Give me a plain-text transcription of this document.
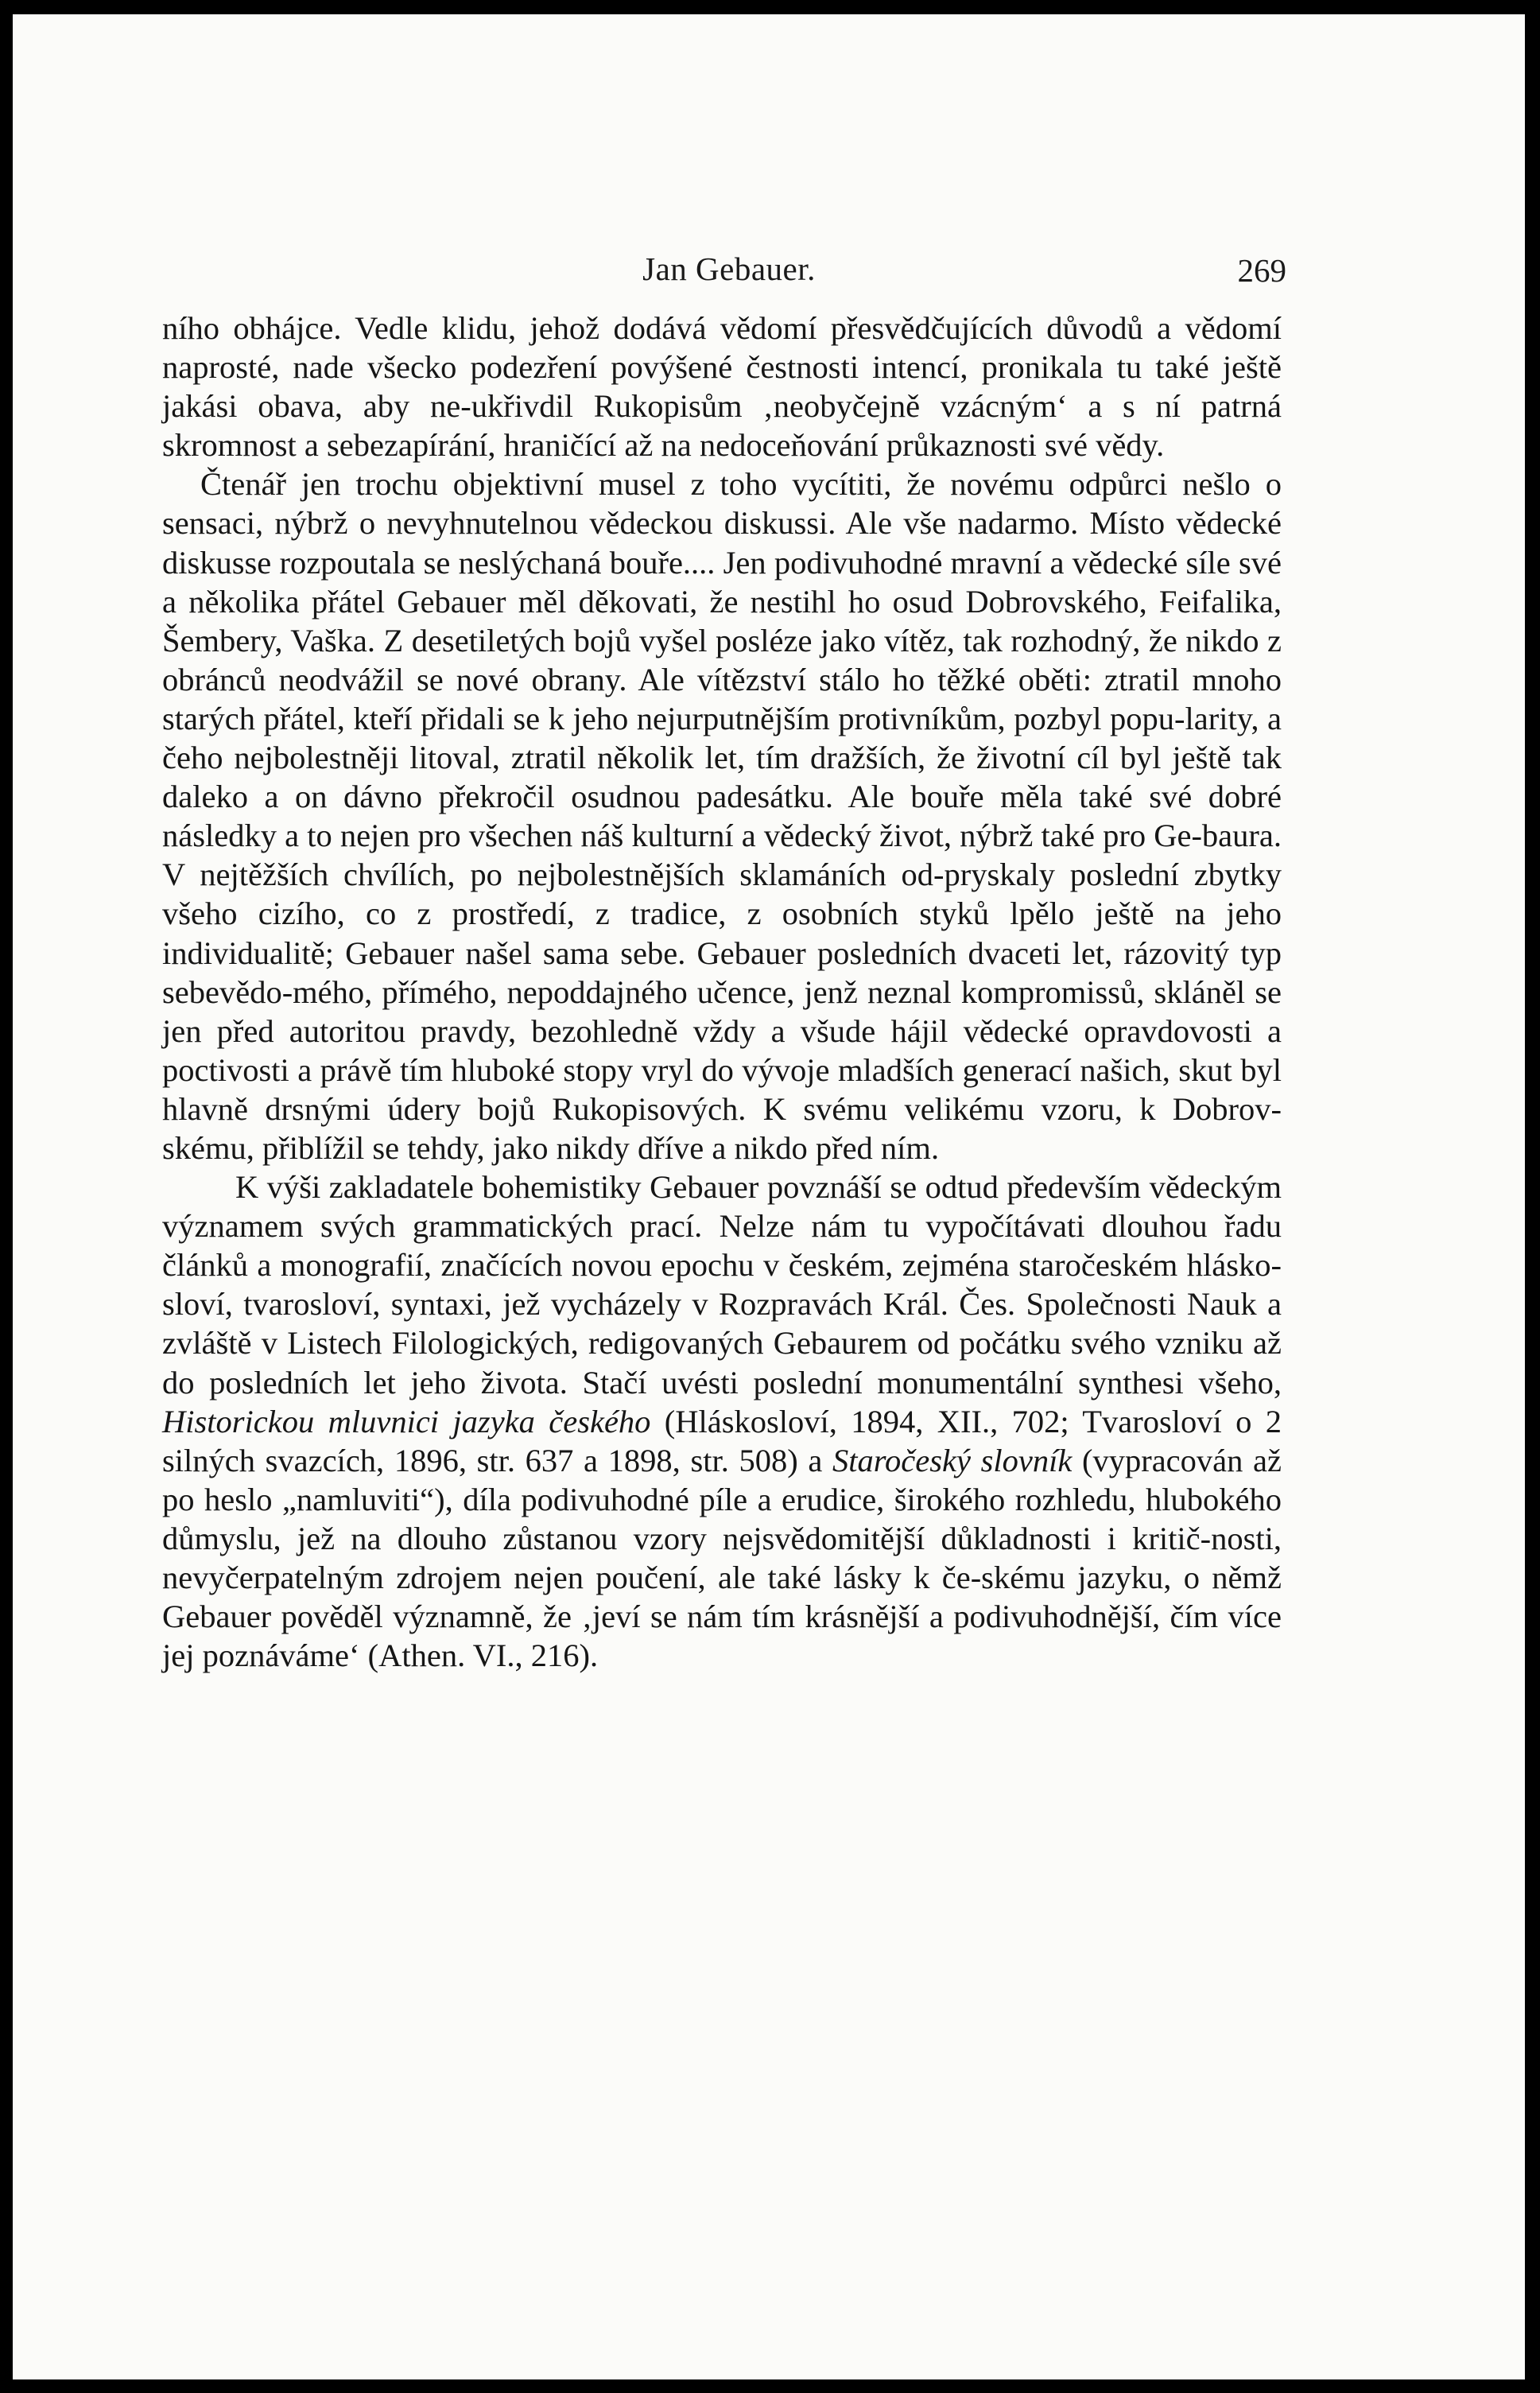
Jan Gebauer.	269

ního obhájce. Vedle klidu, jehož dodává vědomí přesvědčujících důvodů a vědomí naprosté, nade všecko podezření povýšené čestnosti intencí, pronikala tu také ještě jakási obava, aby ne-ukřivdil Rukopisům ‚neobyčejně vzácným‘ a s ní patrná skromnost a sebezapírání, hraničící až na nedoceňování průkaznosti své vědy.

Čtenář jen trochu objektivní musel z toho vycítiti, že novému odpůrci nešlo o sensaci, nýbrž o nevyhnutelnou vědeckou diskussi. Ale vše nadarmo. Místo vědecké diskusse rozpoutala se neslýchaná bouře.... Jen podivuhodné mravní a vědecké síle své a několika přátel Gebauer měl děkovati, že nestihl ho osud Dobrovského, Feifalika, Šembery, Vaška. Z desetiletých bojů vyšel posléze jako vítěz, tak rozhodný, že nikdo z obránců neodvážil se nové obrany. Ale vítězství stálo ho těžké oběti: ztratil mnoho starých přátel, kteří přidali se k jeho nejurputnějším protivníkům, pozbyl popu-larity, a čeho nejbolestněji litoval, ztratil několik let, tím dražších, že životní cíl byl ještě tak daleko a on dávno překročil osudnou padesátku. Ale bouře měla také své dobré následky a to nejen pro všechen náš kulturní a vědecký život, nýbrž také pro Ge-baura. V nejtěžších chvílích, po nejbolestnějších sklamáních od-pryskaly poslední zbytky všeho cizího, co z prostředí, z tradice, z osobních styků lpělo ještě na jeho individualitě; Gebauer našel sama sebe. Gebauer posledních dvaceti let, rázovitý typ sebevědo-mého, přímého, nepoddajného učence, jenž neznal kompromissů, skláněl se jen před autoritou pravdy, bezohledně vždy a všude hájil vědecké opravdovosti a poctivosti a právě tím hluboké stopy vryl do vývoje mladších generací našich, skut byl hlavně drsnými údery bojů Rukopisových. K svému velikému vzoru, k Dobrov-skému, přiblížil se tehdy, jako nikdy dříve a nikdo před ním.

K výši zakladatele bohemistiky Gebauer povznáší se odtud především vědeckým významem svých grammatických prací. Nelze nám tu vypočítávati dlouhou řadu článků a monografií, značících novou epochu v českém, zejména staročeském hlásko-sloví, tvarosloví, syntaxi, jež vycházely v Rozpravách Král. Čes. Společnosti Nauk a zvláště v Listech Filologických, redigovaných Gebaurem od počátku svého vzniku až do posledních let jeho života. Stačí uvésti poslední monumentální synthesi všeho, Historickou mluvnici jazyka českého (Hláskosloví, 1894, XII., 702; Tvarosloví o 2 silných svazcích, 1896, str. 637 a 1898, str. 508) a Staročeský slovník (vypracován až po heslo „namluviti“), díla podivuhodné píle a erudice, širokého rozhledu, hlubokého důmyslu, jež na dlouho zůstanou vzory nejsvědomitější důkladnosti i kritič-nosti, nevyčerpatelným zdrojem nejen poučení, ale také lásky k če-skému jazyku, o němž Gebauer pověděl významně, že ‚jeví se nám tím krásnější a podivuhodnější, čím více jej poznáváme‘ (Athen. VI., 216).
